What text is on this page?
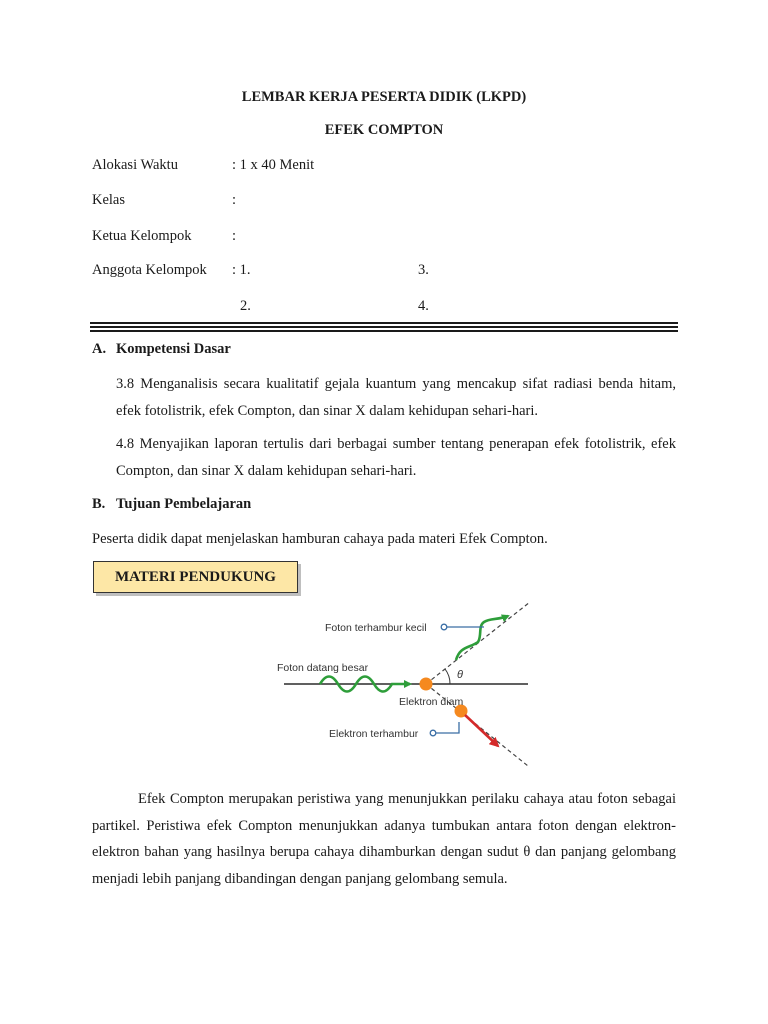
LEMBAR KERJA PESERTA DIDIK (LKPD)
EFEK COMPTON
Alokasi Waktu	: 1 x 40 Menit
Kelas	:
Ketua Kelompok	:
Anggota Kelompok : 1.	3.
2.	4.
A. Kompetensi Dasar
3.8 Menganalisis secara kualitatif gejala kuantum yang mencakup sifat radiasi benda hitam, efek fotolistrik, efek Compton, dan sinar X dalam kehidupan sehari-hari.
4.8 Menyajikan laporan tertulis dari berbagai sumber tentang penerapan efek fotolistrik, efek Compton, dan sinar X dalam kehidupan sehari-hari.
B. Tujuan Pembelajaran
Peserta didik dapat menjelaskan hamburan cahaya pada materi Efek Compton.
MATERI PENDUKUNG
θ
Foton terhambur kecil
Foton datang besar
Elektron diam
Elektron terhambur
Efek Compton merupakan peristiwa yang menunjukkan perilaku cahaya atau foton sebagai partikel. Peristiwa efek Compton menunjukkan adanya tumbukan antara foton dengan elektron-elektron bahan yang hasilnya berupa cahaya dihamburkan dengan sudut θ dan panjang gelombang menjadi lebih panjang dibandingan dengan panjang gelombang semula.
